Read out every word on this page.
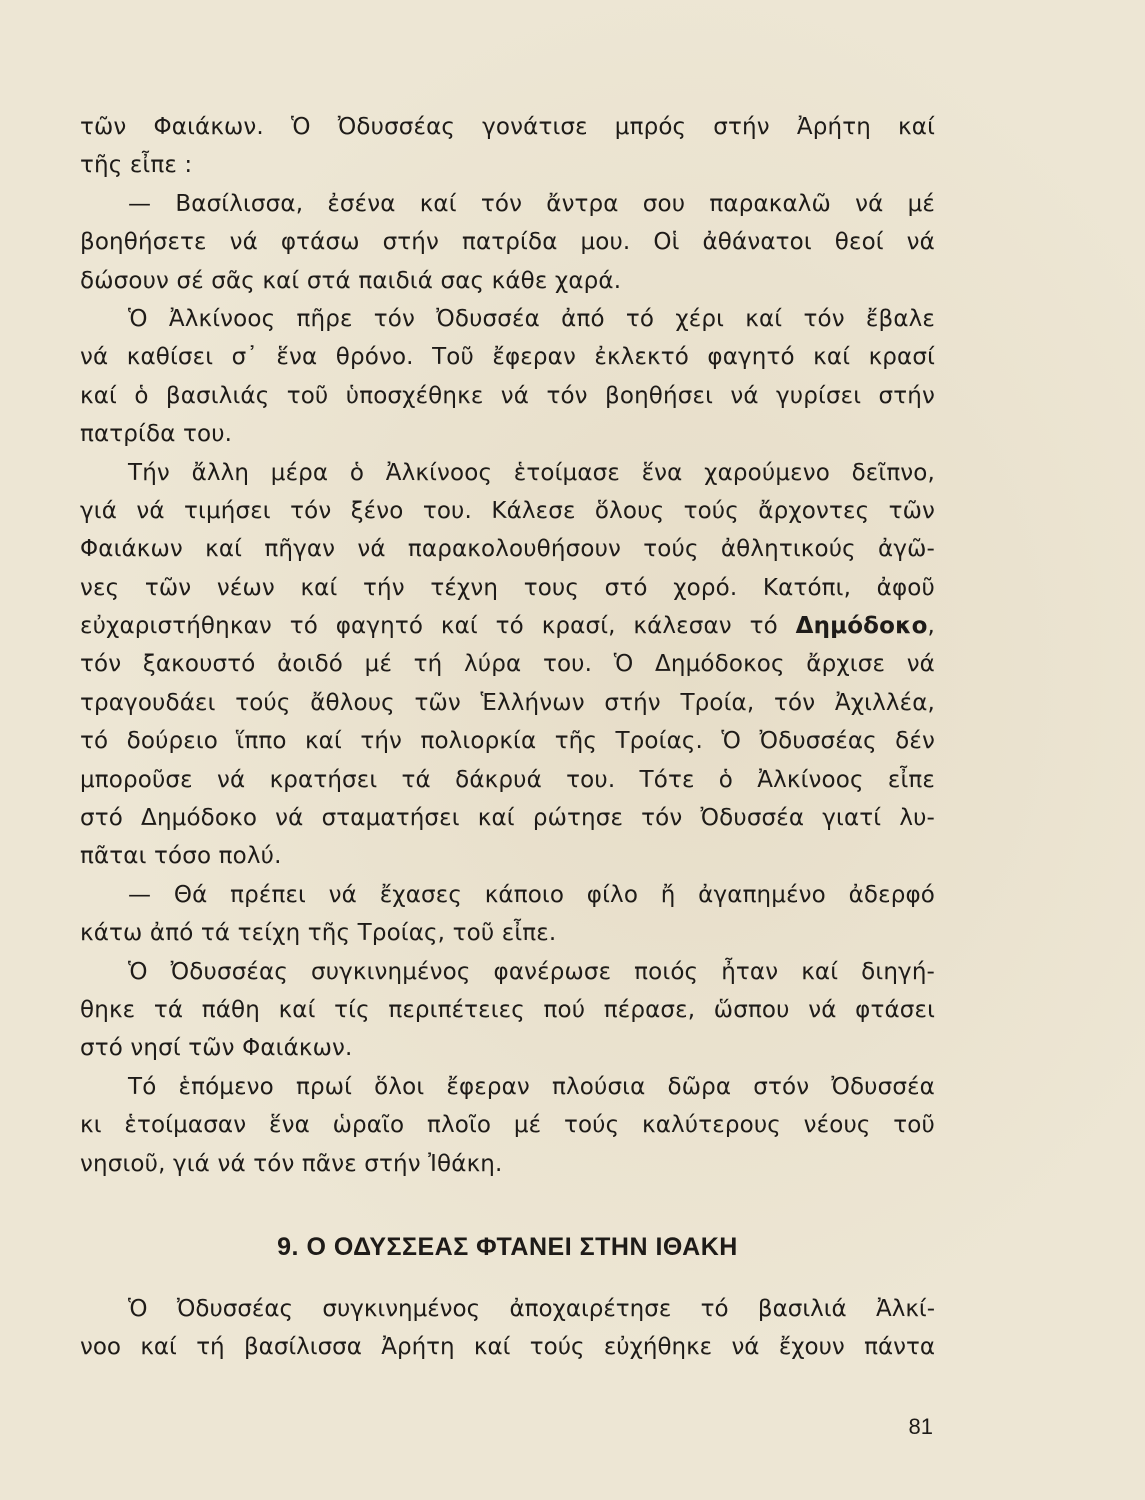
τῶν Φαιάκων. Ὁ Ὀδυσσέας γονάτισε μπρός στήν Ἀρήτη καί
τῆς εἶπε :
— Βασίλισσα, ἐσένα καί τόν ἄντρα σου παρακαλῶ νά μέ
βοηθήσετε νά φτάσω στήν πατρίδα μου. Οἱ ἀθάνατοι θεοί νά
δώσουν σέ σᾶς καί στά παιδιά σας κάθε χαρά.
Ὁ Ἀλκίνοος πῆρε τόν Ὀδυσσέα ἀπό τό χέρι καί τόν ἔβαλε
νά καθίσει σ᾽ ἕνα θρόνο. Τοῦ ἔφεραν ἐκλεκτό φαγητό καί κρασί
καί ὁ βασιλιάς τοῦ ὑποσχέθηκε νά τόν βοηθήσει νά γυρίσει στήν
πατρίδα του.
Τήν ἄλλη μέρα ὁ Ἀλκίνοος ἑτοίμασε ἕνα χαρούμενο δεῖπνο,
γιά νά τιμήσει τόν ξένο του. Κάλεσε ὅλους τούς ἄρχοντες τῶν
Φαιάκων καί πῆγαν νά παρακολουθήσουν τούς ἀθλητικούς ἀγῶ-
νες τῶν νέων καί τήν τέχνη τους στό χορό. Κατόπι, ἀφοῦ
εὐχαριστήθηκαν τό φαγητό καί τό κρασί, κάλεσαν τό Δημόδοκο,
τόν ξακουστό ἀοιδό μέ τή λύρα του. Ὁ Δημόδοκος ἄρχισε νά
τραγουδάει τούς ἄθλους τῶν Ἑλλήνων στήν Τροία, τόν Ἀχιλλέα,
τό δούρειο ἵππο καί τήν πολιορκία τῆς Τροίας. Ὁ Ὀδυσσέας δέν
μποροῦσε νά κρατήσει τά δάκρυά του. Τότε ὁ Ἀλκίνοος εἶπε
στό Δημόδοκο νά σταματήσει καί ρώτησε τόν Ὀδυσσέα γιατί λυ-
πᾶται τόσο πολύ.
— Θά πρέπει νά ἔχασες κάποιο φίλο ἤ ἀγαπημένο ἀδερφό
κάτω ἀπό τά τείχη τῆς Τροίας, τοῦ εἶπε.
Ὁ Ὀδυσσέας συγκινημένος φανέρωσε ποιός ἦταν καί διηγή-
θηκε τά πάθη καί τίς περιπέτειες πού πέρασε, ὥσπου νά φτάσει
στό νησί τῶν Φαιάκων.
Τό ἑπόμενο πρωί ὅλοι ἔφεραν πλούσια δῶρα στόν Ὀδυσσέα
κι ἑτοίμασαν ἕνα ὡραῖο πλοῖο μέ τούς καλύτερους νέους τοῦ
νησιοῦ, γιά νά τόν πᾶνε στήν Ἰθάκη.
9. Ο ΟΔΥΣΣΕΑΣ ΦΤΑΝΕΙ ΣΤΗΝ ΙΘΑΚΗ
Ὁ Ὀδυσσέας συγκινημένος ἀποχαιρέτησε τό βασιλιά Ἀλκί-
νοο καί τή βασίλισσα Ἀρήτη καί τούς εὐχήθηκε νά ἔχουν πάντα
81
